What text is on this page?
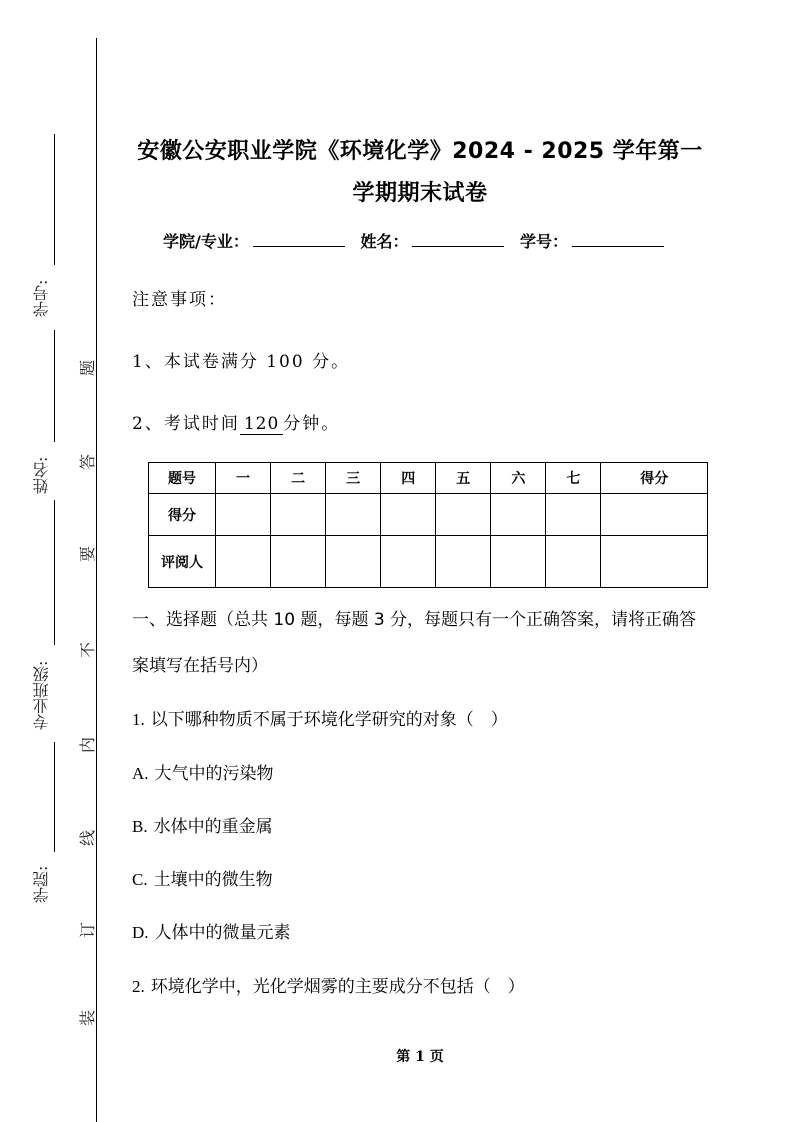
学号:
姓名:
专业班级:
学院:
题
答
要
不
内
线
订
装
安徽公安职业学院《环境化学》2024 - 2025 学年第一
学期期末试卷
学院/专业：	姓名：	学号：
注意事项：
1、本试卷满分 100 分。
2、考试时间 120 分钟。
题号	一	二	三	四	五	六	七	得分
得分								
评阅人								
一、选择题（总共 10 题，每题 3 分，每题只有一个正确答案，请将正确答案填写在括号内）
1. 以下哪种物质不属于环境化学研究的对象（　）
A. 大气中的污染物
B. 水体中的重金属
C. 土壤中的微生物
D. 人体中的微量元素
2. 环境化学中，光化学烟雾的主要成分不包括（　）
第 1 页
